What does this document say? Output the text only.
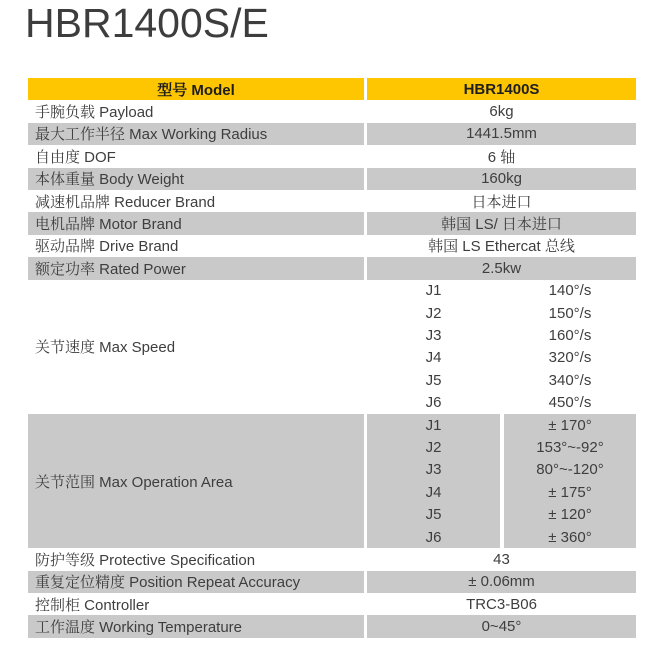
HBR1400S/E
型号 Model	HBR1400S
手腕负载 Payload	6kg
最大工作半径 Max Working Radius	1441.5mm
自由度 DOF	6 轴
本体重量 Body Weight	160kg
减速机品牌 Reducer Brand	日本进口
电机品牌 Motor Brand	韩国 LS/ 日本进口
驱动品牌 Drive Brand	韩国 LS Ethercat 总线
额定功率 Rated Power	2.5kw
关节速度 Max Speed
J1	140°/s
J2	150°/s
J3	160°/s
J4	320°/s
J5	340°/s
J6	450°/s
关节范围 Max Operation Area
J1	± 170°
J2	153°~-92°
J3	80°~-120°
J4	± 175°
J5	± 120°
J6	± 360°
防护等级 Protective Specification	43
重复定位精度 Position Repeat Accuracy	± 0.06mm
控制柜 Controller	TRC3-B06
工作温度 Working Temperature	0~45°
